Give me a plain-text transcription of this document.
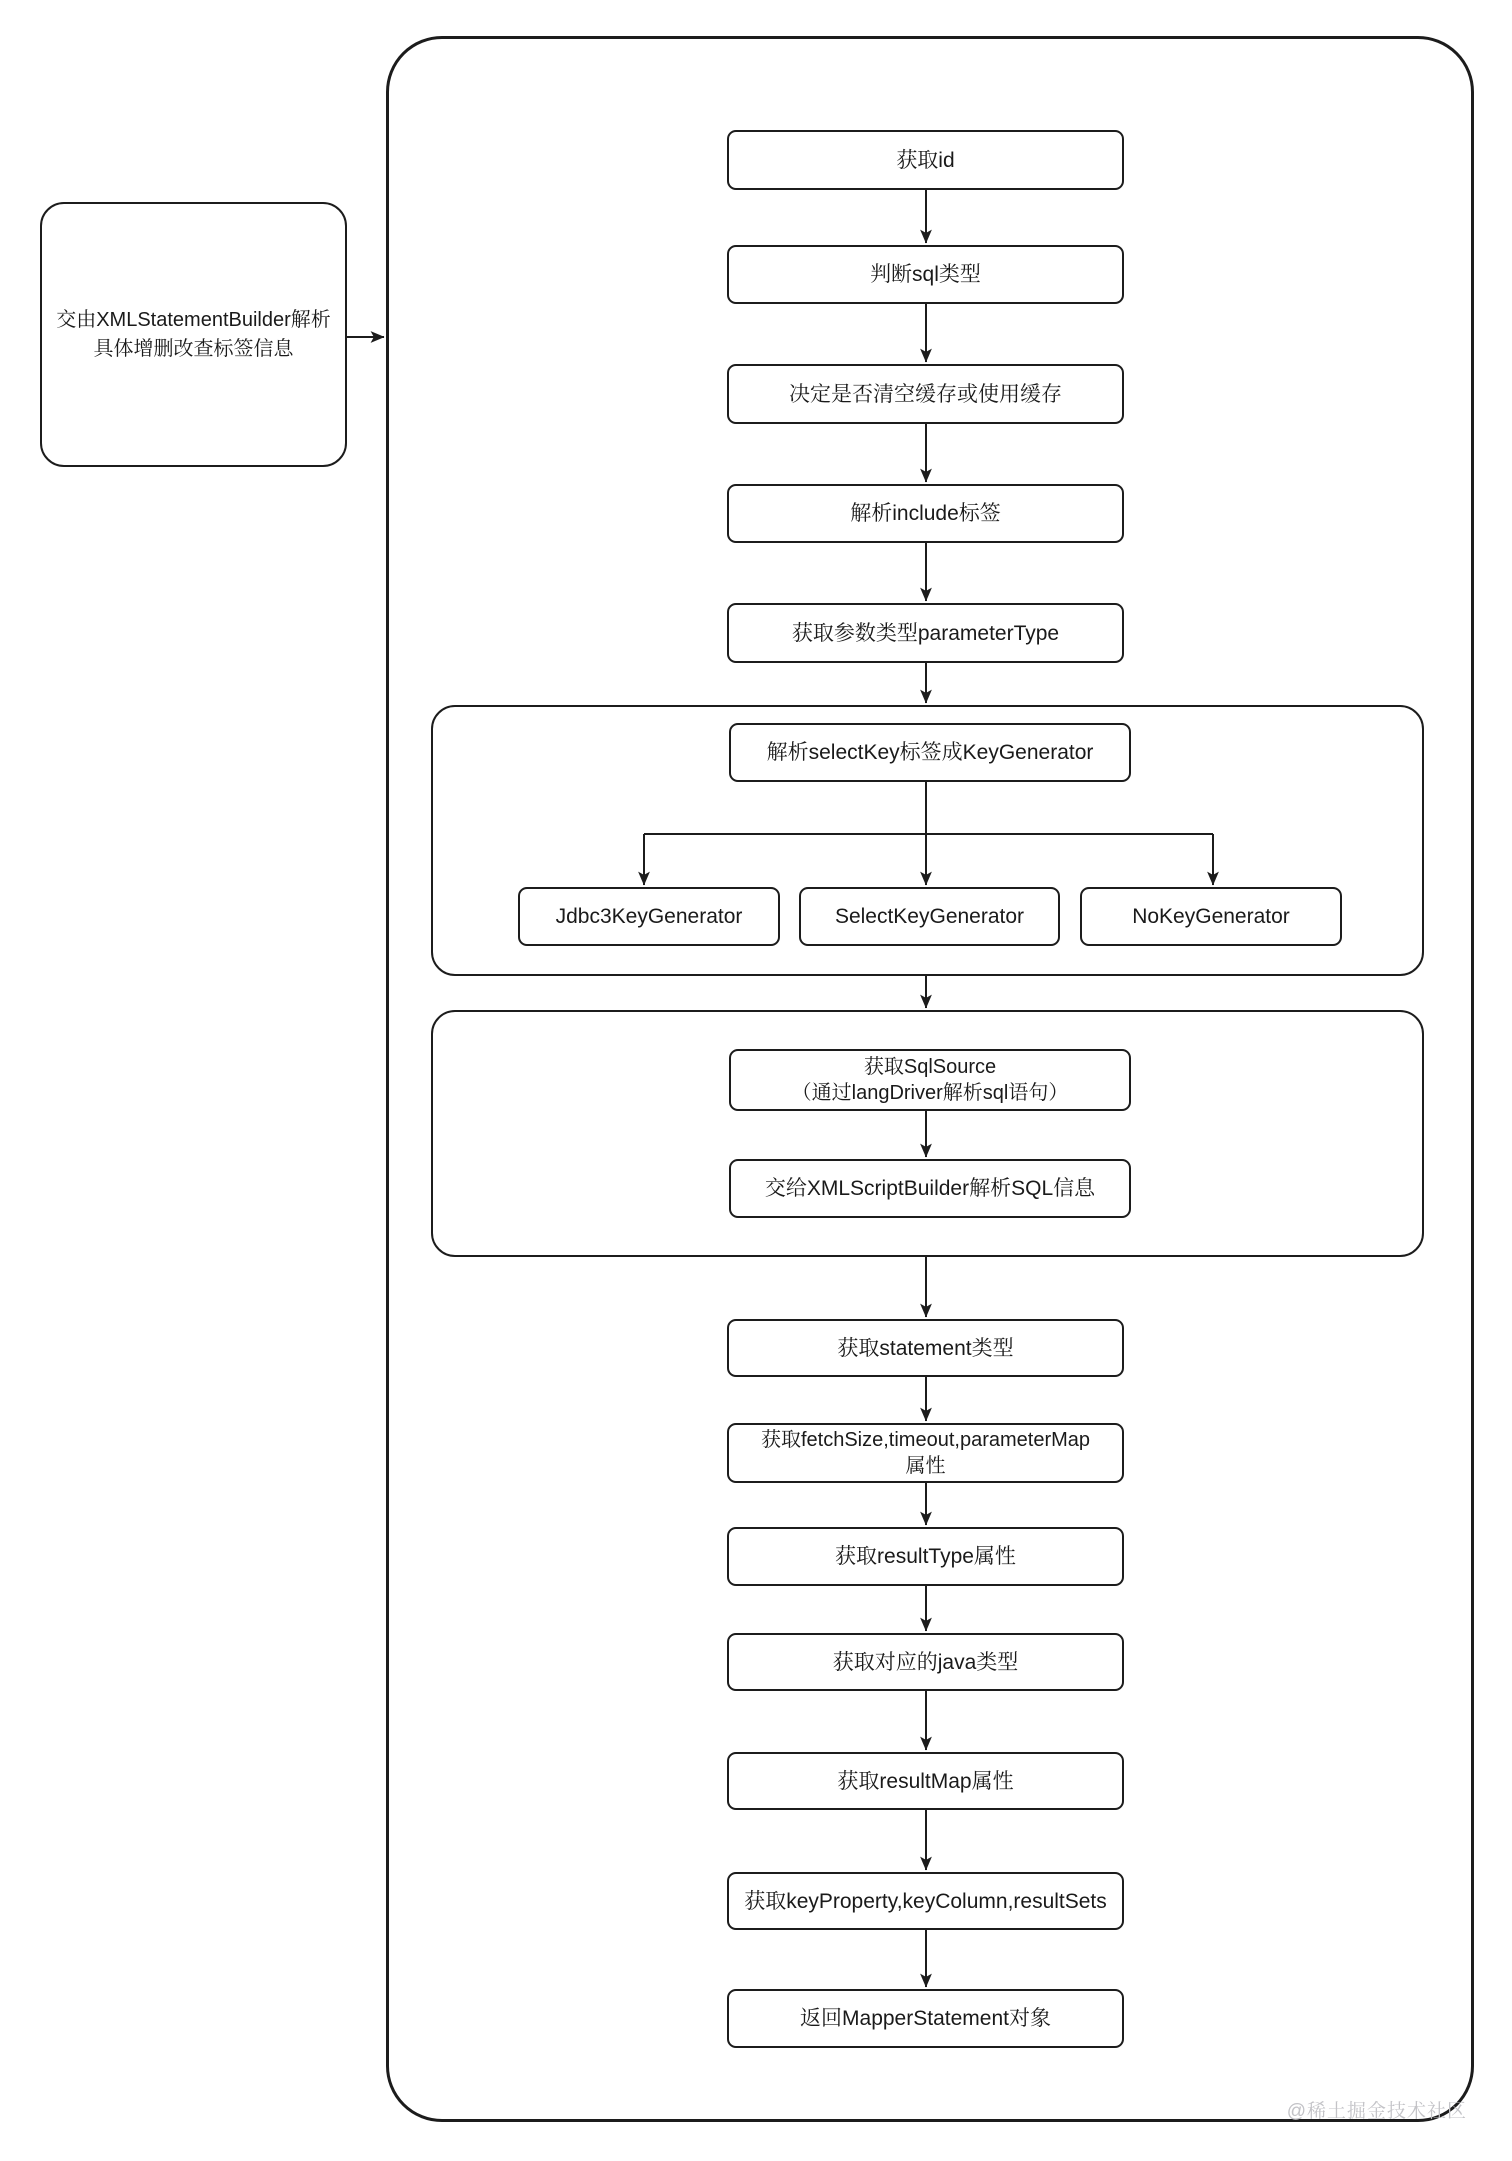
交由XMLStatementBuilder解析
具体增删改查标签信息
获取id
判断sql类型
决定是否清空缓存或使用缓存
解析include标签
获取参数类型parameterType
解析selectKey标签成KeyGenerator
Jdbc3KeyGenerator	SelectKeyGenerator	NoKeyGenerator
获取SqlSource
（通过langDriver解析sql语句）
交给XMLScriptBuilder解析SQL信息
获取statement类型
获取fetchSize,timeout,parameterMap
属性
获取resultType属性
获取对应的java类型
获取resultMap属性
获取keyProperty,keyColumn,resultSets
返回MapperStatement对象
@稀土掘金技术社区
